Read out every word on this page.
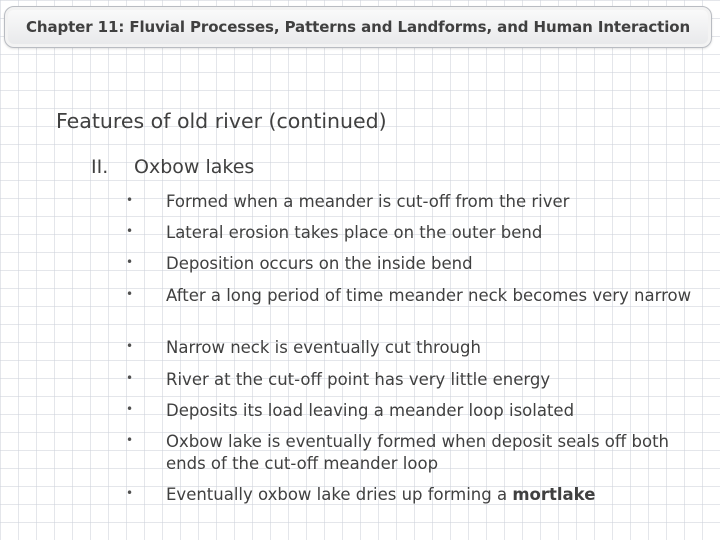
Chapter 11: Fluvial Processes, Patterns and Landforms, and Human Interaction
Features of old river (continued)
II. Oxbow lakes
• Formed when a meander is cut-off from the river
• Lateral erosion takes place on the outer bend
• Deposition occurs on the inside bend
• After a long period of time meander neck becomes very narrow
• Narrow neck is eventually cut through
• River at the cut-off point has very little energy
• Deposits its load leaving a meander loop isolated
• Oxbow lake is eventually formed when deposit seals off both ends of the cut-off meander loop
• Eventually oxbow lake dries up forming a mortlake
